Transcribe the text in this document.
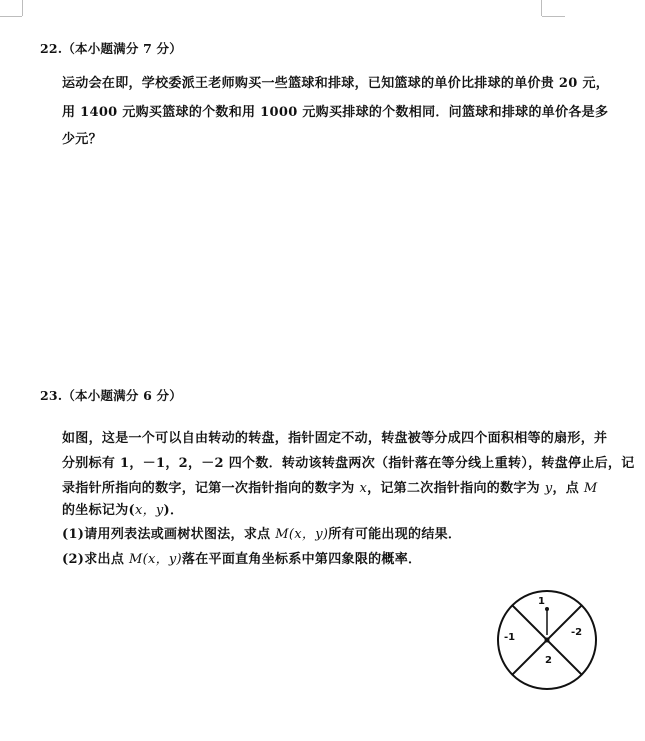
22.（本小题满分 7 分）
运动会在即，学校委派王老师购买一些篮球和排球，已知篮球的单价比排球的单价贵 20 元，
用 1400 元购买篮球的个数和用 1000 元购买排球的个数相同．问篮球和排球的单价各是多
少元？
23.（本小题满分 6 分）
如图，这是一个可以自由转动的转盘，指针固定不动，转盘被等分成四个面积相等的扇形，并
分别标有 1，－1，2，－2 四个数．转动该转盘两次（指针落在等分线上重转），转盘停止后，记
录指针所指向的数字，记第一次指针指向的数字为 x，记第二次指针指向的数字为 y，点 M
的坐标记为(x，y)．
(1)请用列表法或画树状图法，求点 M(x，y)所有可能出现的结果．
(2)求出点 M(x，y)落在平面直角坐标系中第四象限的概率．
1
-1	-2
2
